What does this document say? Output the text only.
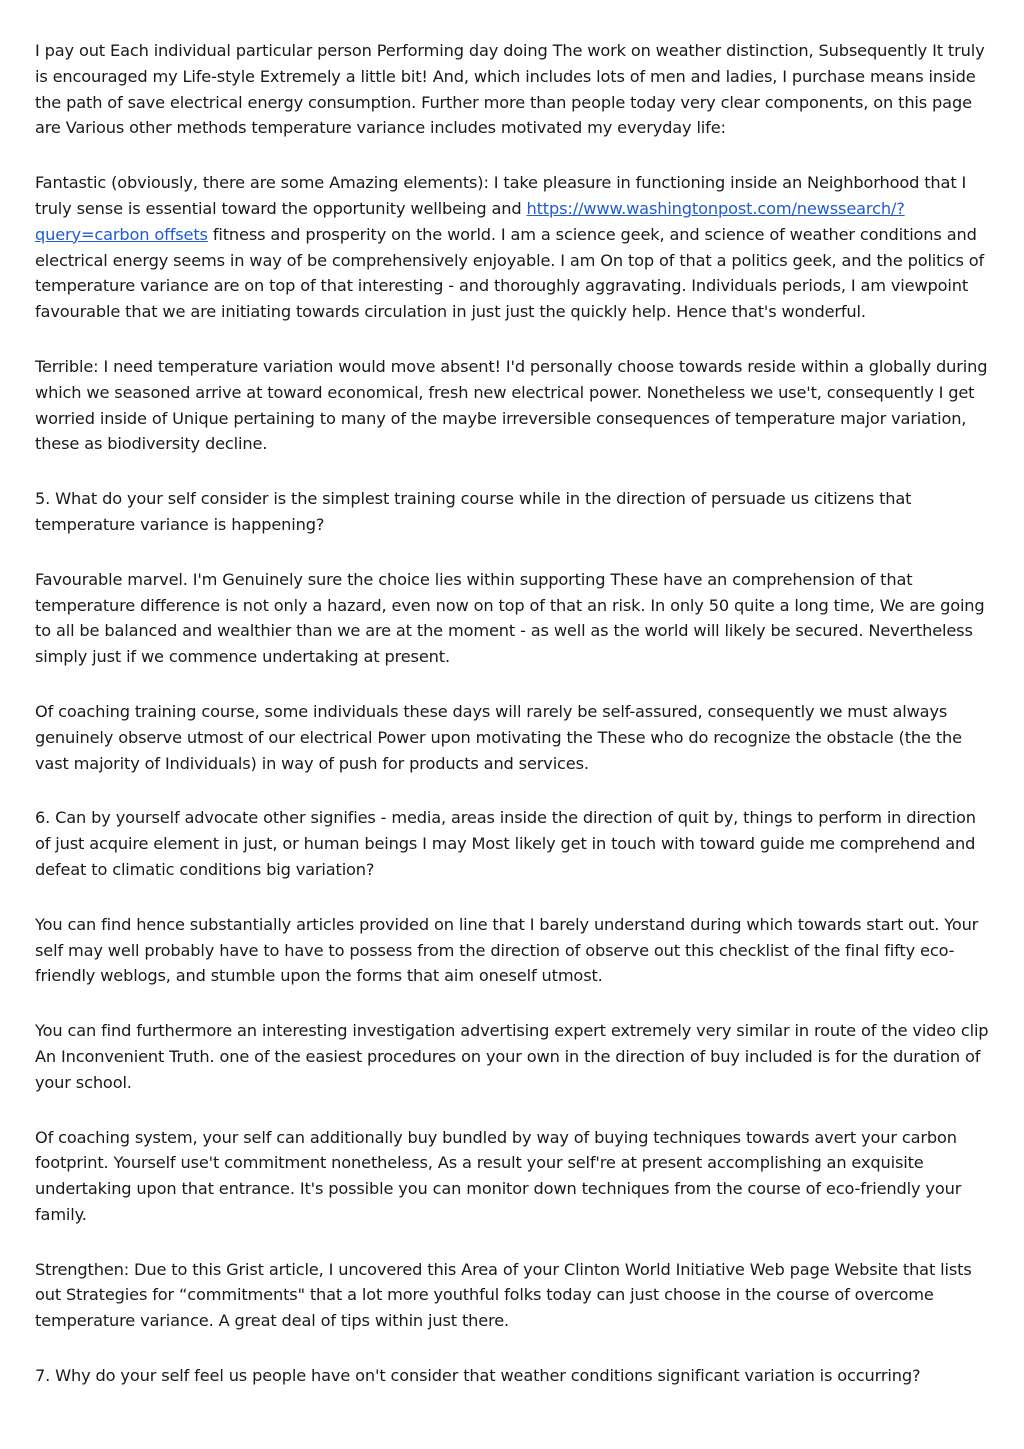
I pay out Each individual particular person Performing day doing The work on weather distinction, Subsequently It truly is encouraged my Life-style Extremely a little bit! And, which includes lots of men and ladies, I purchase means inside the path of save electrical energy consumption. Further more than people today very clear components, on this page are Various other methods temperature variance includes motivated my everyday life:

Fantastic (obviously, there are some Amazing elements): I take pleasure in functioning inside an Neighborhood that I truly sense is essential toward the opportunity wellbeing and https://www.washingtonpost.com/newssearch/?query=carbon offsets fitness and prosperity on the world. I am a science geek, and science of weather conditions and electrical energy seems in way of be comprehensively enjoyable. I am On top of that a politics geek, and the politics of temperature variance are on top of that interesting - and thoroughly aggravating. Individuals periods, I am viewpoint favourable that we are initiating towards circulation in just just the quickly help. Hence that's wonderful.

Terrible: I need temperature variation would move absent! I'd personally choose towards reside within a globally during which we seasoned arrive at toward economical, fresh new electrical power. Nonetheless we use't, consequently I get worried inside of Unique pertaining to many of the maybe irreversible consequences of temperature major variation, these as biodiversity decline.

5. What do your self consider is the simplest training course while in the direction of persuade us citizens that temperature variance is happening?

Favourable marvel. I'm Genuinely sure the choice lies within supporting These have an comprehension of that temperature difference is not only a hazard, even now on top of that an risk. In only 50 quite a long time, We are going to all be balanced and wealthier than we are at the moment - as well as the world will likely be secured. Nevertheless simply just if we commence undertaking at present.

Of coaching training course, some individuals these days will rarely be self-assured, consequently we must always genuinely observe utmost of our electrical Power upon motivating the These who do recognize the obstacle (the the vast majority of Individuals) in way of push for products and services.

6. Can by yourself advocate other signifies - media, areas inside the direction of quit by, things to perform in direction of just acquire element in just, or human beings I may Most likely get in touch with toward guide me comprehend and defeat to climatic conditions big variation?

You can find hence substantially articles provided on line that I barely understand during which towards start out. Your self may well probably have to have to possess from the direction of observe out this checklist of the final fifty eco-friendly weblogs, and stumble upon the forms that aim oneself utmost.

You can find furthermore an interesting investigation advertising expert extremely very similar in route of the video clip An Inconvenient Truth. one of the easiest procedures on your own in the direction of buy included is for the duration of your school.

Of coaching system, your self can additionally buy bundled by way of buying techniques towards avert your carbon footprint. Yourself use't commitment nonetheless, As a result your self're at present accomplishing an exquisite undertaking upon that entrance. It's possible you can monitor down techniques from the course of eco-friendly your family.

Strengthen: Due to this Grist article, I uncovered this Area of your Clinton World Initiative Web page Website that lists out Strategies for “commitments" that a lot more youthful folks today can just choose in the course of overcome temperature variance. A great deal of tips within just there.

7. Why do your self feel us people have on't consider that weather conditions significant variation is occurring?
